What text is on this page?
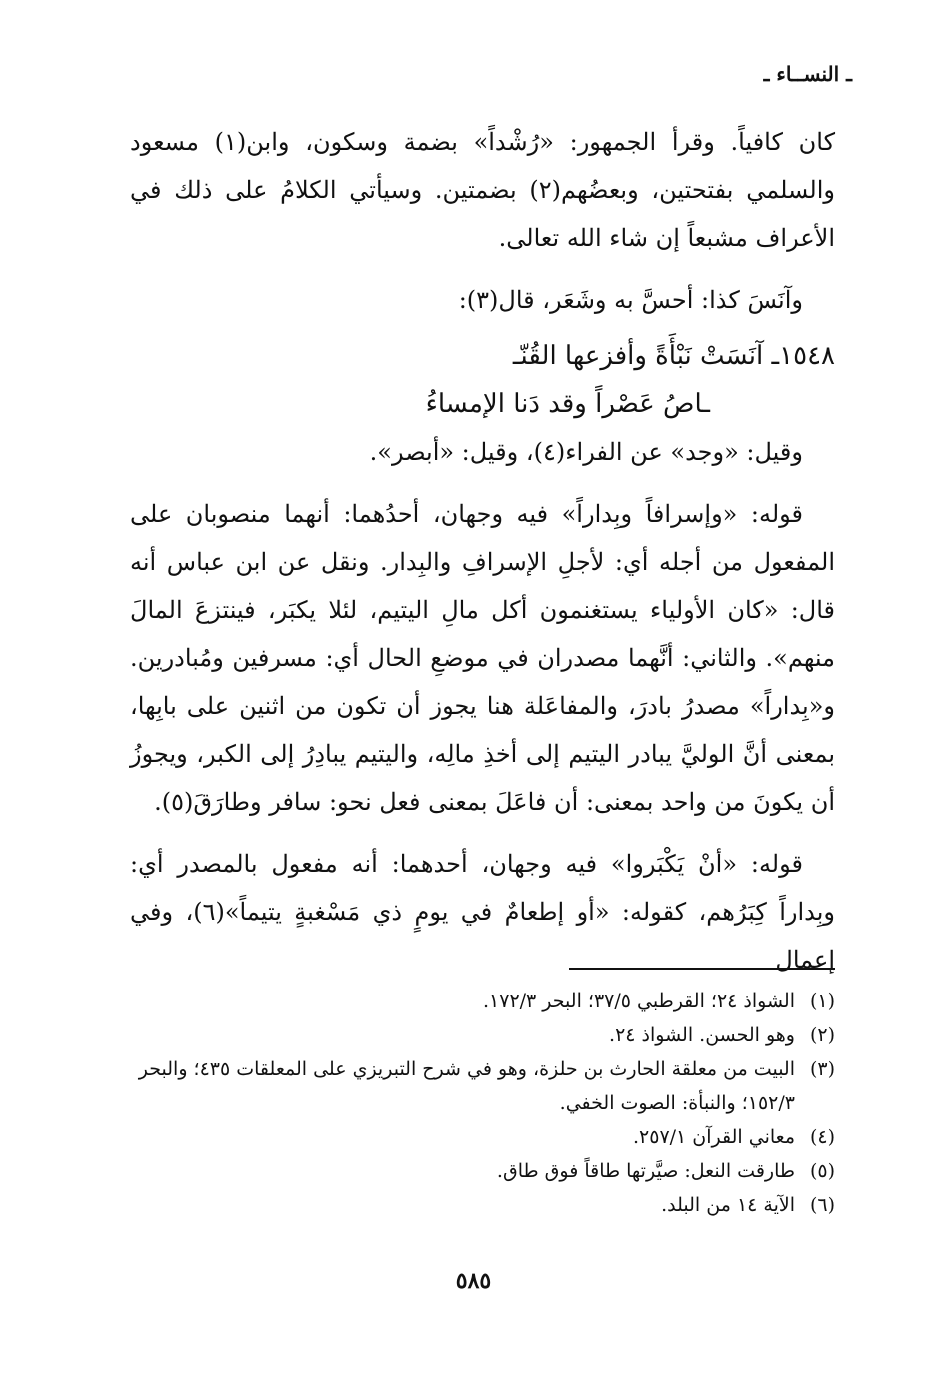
ـ النســاء ـ

كان كافياً. وقرأ الجمهور: «رُشْداً» بضمة وسكون، وابن(١) مسعود والسلمي بفتحتين، وبعضُهم(٢) بضمتين. وسيأتي الكلامُ على ذلك في الأعراف مشبعاً إن شاء الله تعالى.

وآنَسَ كذا: أحسَّ به وشَعَر، قال(٣):

١٥٤٨ـ آنَسَتْ نَبْأَةً وأفزعها القُنّـ
ـاصُ عَصْراً وقد دَنا الإمساءُ

وقيل: «وجد» عن الفراء(٤)، وقيل: «أبصر».

قوله: «وإسرافاً وبِداراً» فيه وجهان، أحدُهما: أنهما منصوبان على المفعول من أجله أي: لأجلِ الإسرافِ والبِدار. ونقل عن ابن عباس أنه قال: «كان الأولياء يستغنمون أكل مالِ اليتيم، لئلا يكبَر، فينتزعَ المالَ منهم». والثاني: أنَّهما مصدران في موضعِ الحال أي: مسرفين ومُبادرين. و«بِداراً» مصدرُ بادرَ، والمفاعَلة هنا يجوز أن تكون من اثنين على بابِها، بمعنى أنَّ الوليَّ يبادر اليتيم إلى أخذِ مالِه، واليتيم يبادِرُ إلى الكبر، ويجوزُ أن يكونَ من واحد بمعنى: أن فاعَلَ بمعنى فعل نحو: سافر وطارَقَ(٥).

قوله: «أنْ يَكْبَروا» فيه وجهان، أحدهما: أنه مفعول بالمصدر أي: وبِداراً كِبَرُهم، كقوله: «أو إطعامٌ في يومٍ ذي مَسْغبةٍ يتيماً»(٦)، وفي إعمال

(١)
الشواذ ٢٤؛ القرطبي ٣٧/٥؛ البحر ١٧٢/٣.
(٢)
وهو الحسن. الشواذ ٢٤.
(٣)
البيت من معلقة الحارث بن حلزة، وهو في شرح التبريزي على المعلقات ٤٣٥؛ والبحر ١٥٢/٣؛ والنبأة: الصوت الخفي.
(٤)
معاني القرآن ٢٥٧/١.
(٥)
طارقت النعل: صيَّرتها طاقاً فوق طاق.
(٦)
الآية ١٤ من البلد.
٥٨٥
